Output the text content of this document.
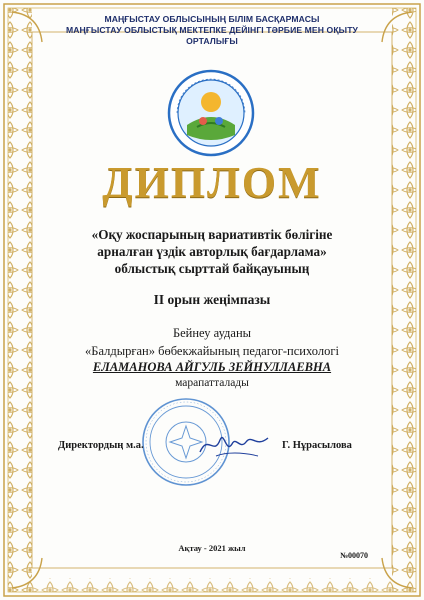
МАҢҒЫСТАУ ОБЛЫСЫНЫҢ БІЛІМ БАСҚАРМАСЫ
МАҢҒЫСТАУ ОБЛЫСТЫҚ МЕКТЕПКЕ ДЕЙІНГІ ТӘРБИЕ МЕН ОҚЫТУ
ОРТАЛЫҒЫ
ДИПЛОМ
«Оқу жоспарының вариативтік бөлігіне
арналған үздік авторлық бағдарлама»
облыстық сырттай байқауының
II орын жеңімпазы
Бейнеу ауданы
«Балдырған» бөбекжайының педагог-психологі
ЕЛАМАНОВА АЙГУЛЬ ЗЕЙНУЛЛАЕВНА
марапатталады
Директордың м.а.	Г. Нұрасылова
Ақтау - 2021 жыл
№00070
